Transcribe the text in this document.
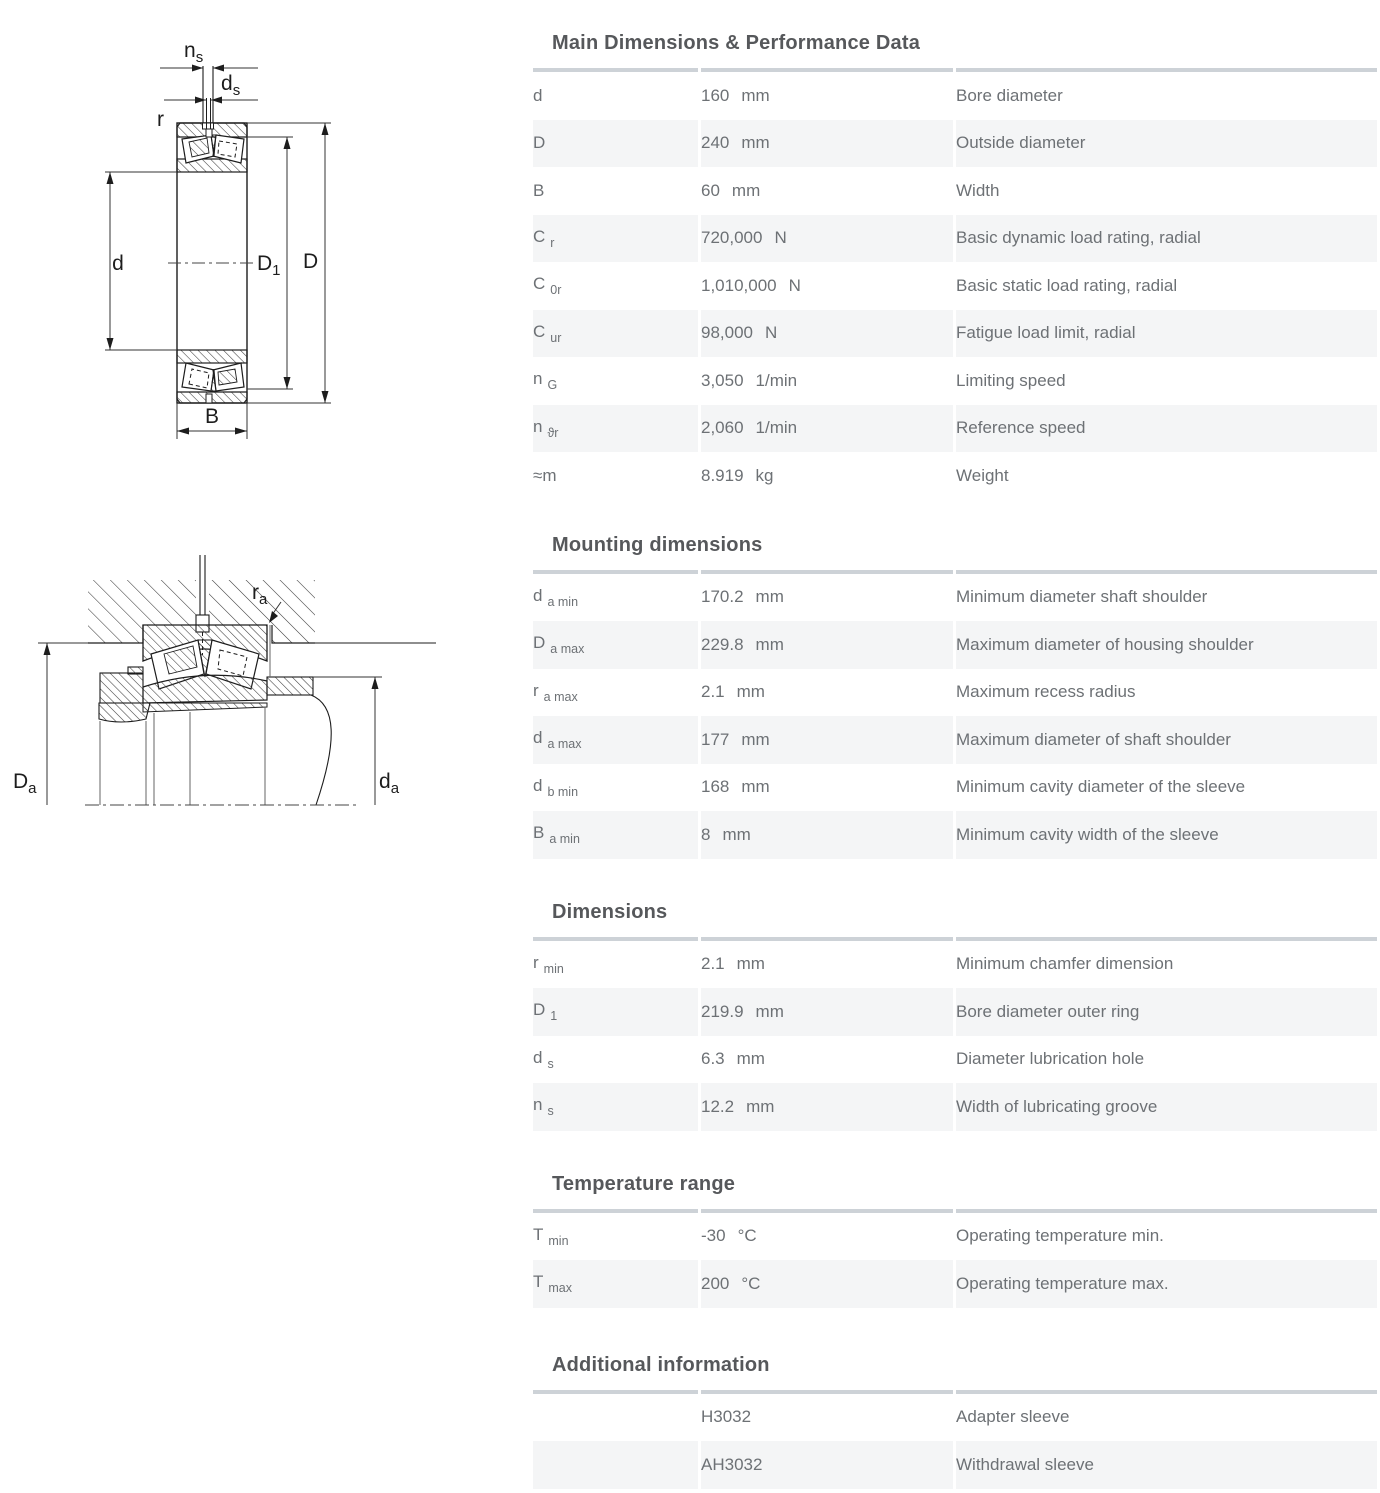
$n_s$
$d_s$
r
d	$D_1$ D
B
$r_a$
$D_a$	$d_a$
Main Dimensions & Performance Data
d	160 mm	Bore diameter
D	240 mm	Outside diameter
B	60 mm	Width
C $_r$	720,000 N	Basic dynamic load rating, radial
C $_{0r}$	1,010,000 N	Basic static load rating, radial
C $_{ur}$	98,000 N	Fatigue load limit, radial
n $_G$	3,050 1/min	Limiting speed
n $_{ϑr}$	2,060 1/min	Reference speed
≈m	8.919 kg	Weight
Mounting dimensions
d $_{a min}$	170.2 mm	Minimum diameter shaft shoulder
D $_{a max}$	229.8 mm	Maximum diameter of housing shoulder
r $_{a max}$	2.1 mm	Maximum recess radius
d $_{a max}$	177 mm	Maximum diameter of shaft shoulder
d $_{b min}$	168 mm	Minimum cavity diameter of the sleeve
B $_{a min}$	8 mm	Minimum cavity width of the sleeve
Dimensions
r $_{min}$	2.1 mm	Minimum chamfer dimension
D $_1$	219.9 mm	Bore diameter outer ring
d $_s$	6.3 mm	Diameter lubrication hole
n $_s$	12.2 mm	Width of lubricating groove
Temperature range
T $_{min}$	-30 °C	Operating temperature min.
T $_{max}$	200 °C	Operating temperature max.
Additional information
	H3032	Adapter sleeve
	AH3032	Withdrawal sleeve
